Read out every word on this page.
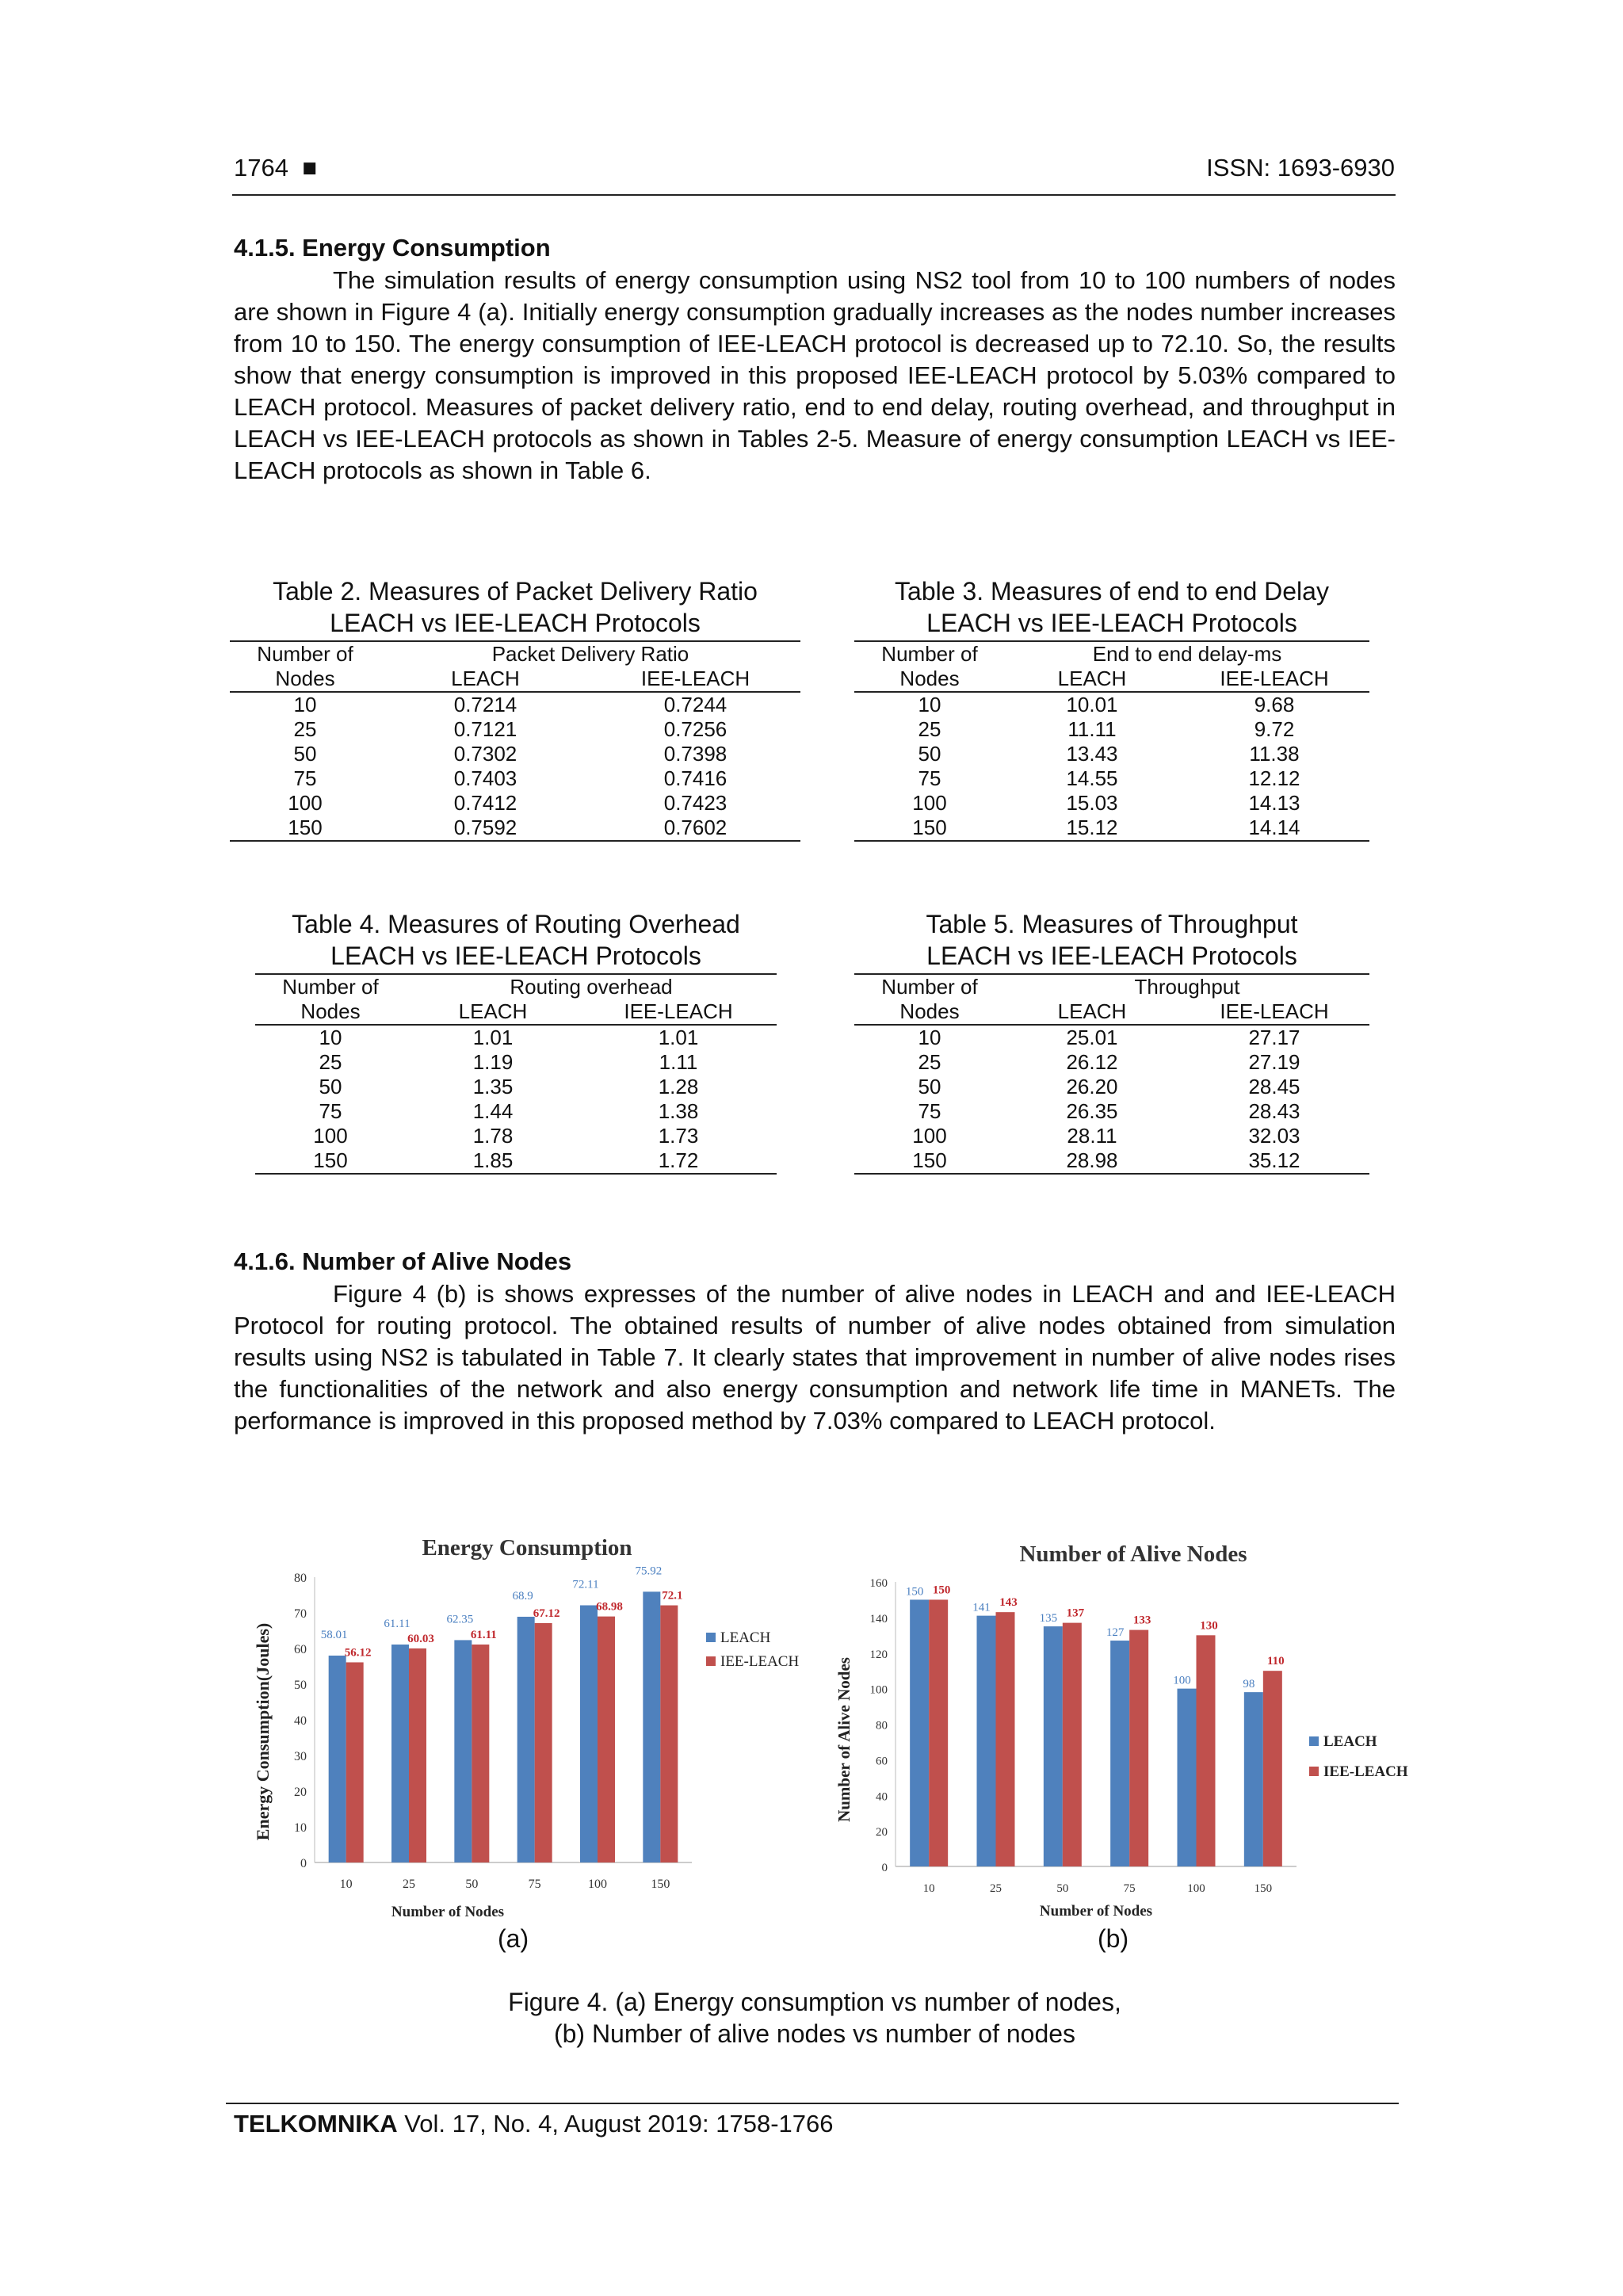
1764 ■	ISSN: 1693-6930
4.1.5. Energy Consumption

The simulation results of energy consumption using NS2 tool from 10 to 100 numbers of nodes are shown in Figure 4 (a). Initially energy consumption gradually increases as the nodes number increases from 10 to 150. The energy consumption of IEE-LEACH protocol is decreased up to 72.10. So, the results show that energy consumption is improved in this proposed IEE-LEACH protocol by 5.03% compared to LEACH protocol. Measures of packet delivery ratio, end to end delay, routing overhead, and throughput in LEACH vs IEE-LEACH protocols as shown in Tables 2-5. Measure of energy consumption LEACH vs IEE-LEACH protocols as shown in Table 6.

Table 2. Measures of Packet Delivery Ratio
LEACH vs IEE-LEACH Protocols
Number of	Packet Delivery Ratio	
Nodes	LEACH	IEE-LEACH
10	0.7214	0.7244
25	0.7121	0.7256
50	0.7302	0.7398
75	0.7403	0.7416
100	0.7412	0.7423
150	0.7592	0.7602
Table 3. Measures of end to end Delay
LEACH vs IEE-LEACH Protocols
Number of	End to end delay-ms	
Nodes	LEACH	IEE-LEACH
10	10.01	9.68
25	11.11	9.72
50	13.43	11.38
75	14.55	12.12
100	15.03	14.13
150	15.12	14.14
Table 4. Measures of Routing Overhead
LEACH vs IEE-LEACH Protocols
Number of	Routing overhead	
Nodes	LEACH	IEE-LEACH
10	1.01	1.01
25	1.19	1.11
50	1.35	1.28
75	1.44	1.38
100	1.78	1.73
150	1.85	1.72
Table 5. Measures of Throughput
LEACH vs IEE-LEACH Protocols
Number of	Throughput	
Nodes	LEACH	IEE-LEACH
10	25.01	27.17
25	26.12	27.19
50	26.20	28.45
75	26.35	28.43
100	28.11	32.03
150	28.98	35.12
4.1.6. Number of Alive Nodes

Figure 4 (b) is shows expresses of the number of alive nodes in LEACH and and IEE-LEACH Protocol for routing protocol. The obtained results of number of alive nodes obtained from simulation results using NS2 is tabulated in Table 7. It clearly states that improvement in number of alive nodes rises the functionalities of the network and also energy consumption and network life time in MANETs. The performance is improved in this proposed method by 7.03% compared to LEACH protocol.

Energy Consumption
0
10
20
30
40
50
60
70
80
10
58.01
56.12
25
61.11
60.03
50
62.35
61.11
75
68.9
67.12
100
72.11
68.98
150
75.92
72.1
Number of Nodes
Energy Consumption(Joules)	LEACH
IEE-LEACH
(a)
Number of Alive Nodes
0
20
40
60
80
100
120
140
160
10
150 150
25
141 143
50
135 137
75
127
133
100
100
130
150
98
110
Number of Nodes
Number of Alive Nodes	LEACH
IEE-LEACH
(b)
Figure 4. (a) Energy consumption vs number of nodes,
(b) Number of alive nodes vs number of nodes
TELKOMNIKA Vol. 17, No. 4, August 2019: 1758-1766
